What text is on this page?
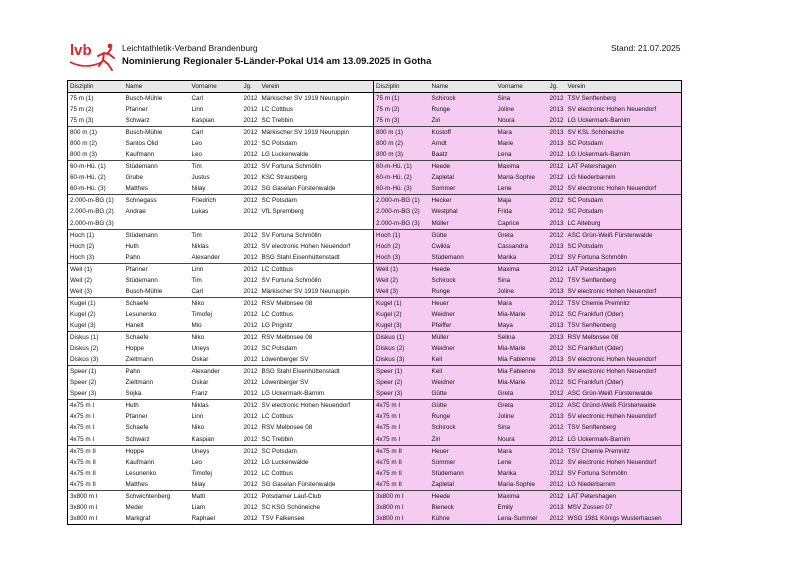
lvb	Leichtathletik-Verband Brandenburg
Nominierung Regionaler 5-Länder-Pokal U14 am 13.09.2025 in Gotha
Stand: 21.07.2025
Disziplin	Name	Vorname	Jg.	Verein	Disziplin	Name	Vorname	Jg.	Verein
75 m (1)	Busch-Mühle	Carl	2012	Märkischer SV 1919 Neuruppin	75 m (1)	Schirock	Sina	2012	TSV Senftenberg
75 m (2)	Pfanner	Linn	2012	LC Cottbus	75 m (2)	Runge	Joline	2013	SV electronic Hohen Neuendorf
75 m (3)	Schwarz	Kaspian	2012	SC Trebbin	75 m (3)	Ziri	Noura	2012	LG Uckermark-Barnim
800 m (1)	Busch-Mühle	Carl	2012	Märkischer SV 1919 Neuruppin	800 m (1)	Kostoff	Mara	2013	SV KSL Schöneiche
800 m (2)	Santos Olid	Leo	2012	SC Potsdam	800 m (2)	Arndt	Marie	2013	SC Potsdam
800 m (3)	Kaufmann	Leo	2012	LG Luckenwalde	800 m (3)	Baatz	Lena	2012	LG Uckermark-Barnim
60-m-Hü. (1)	Stüdemann	Tim	2012	SV Fortuna Schmölln	60-m-Hü. (1)	Heede	Maxima	2012	LAT Petershagen
60-m-Hü. (2)	Grube	Justus	2012	KSC Strausberg	60-m-Hü. (2)	Zapletal	Maria-Sophie	2012	LG Niederbarnim
60-m-Hü. (3)	Matthes	Nilay	2012	SG Gaselan Fürstenwalde	60-m-Hü. (3)	Sommer	Lene	2012	SV electronic Hohen Neuendorf
2.000-m-BG (1)	Schnegass	Friedrich	2012	SC Potsdam	2.000-m-BG (1)	Hecker	Maja	2012	SC Potsdam
2.000-m-BG (2)	Andrae	Lukas	2012	VfL Spremberg	2.000-m-BG (2)	Westphal	Frida	2012	SC Potsdam
2.000-m-BG (3)					2.000-m-BG (3)	Möller	Caprice	2013	LC Alteburg
Hoch (1)	Stüdemann	Tim	2012	SV Fortuna Schmölln	Hoch (1)	Gütte	Greta	2012	ASC Grün-Weiß Fürstenwalde
Hoch (2)	Huth	Niklas	2012	SV electronic Hohen Neuendorf	Hoch (2)	Cwikla	Cassandra	2013	SC Potsdam
Hoch (3)	Pahn	Alexander	2012	BSG Stahl Eisenhüttenstadt	Hoch (3)	Stüdemann	Marika	2012	SV Fortuna Schmölln
Weit (1)	Pfanner	Linn	2012	LC Cottbus	Weit (1)	Heede	Maxima	2012	LAT Petershagen
Weit (2)	Stüdemann	Tim	2012	SV Fortuna Schmölln	Weit (2)	Schirock	Sina	2012	TSV Senftenberg
Weit (3)	Busch-Mühle	Carl	2012	Märkischer SV 1919 Neuruppin	Weit (3)	Runge	Joline	2013	SV electronic Hohen Neuendorf
Kugel (1)	Schaefe	Niko	2012	RSV Melbnsee 08	Kugel (1)	Heuer	Mara	2012	TSV Chemie Premnitz
Kugel (2)	Lesunenko	Timofej	2012	LC Cottbus	Kugel (2)	Weidner	Mia-Marie	2012	SC Frankfurt (Oder)
Kugel (3)	Hanelt	Mio	2012	LG Prignitz	Kugel (3)	Pfeiffer	Maya	2013	TSV Senftenberg
Diskus (1)	Schaefe	Niko	2012	RSV Melbnsee 08	Diskus (1)	Müller	Selina	2013	RSV Melbnsee 08
Diskus (2)	Hoppe	Uneys	2012	SC Potsdam	Diskus (2)	Weidner	Mia-Marie	2012	SC Frankfurt (Oder)
Diskus (3)	Zieltmann	Oskar	2012	Löwenberger SV	Diskus (3)	Keil	Mia Fabienne	2013	SV electronic Hohen Neuendorf
Speer (1)	Pahn	Alexander	2012	BSG Stahl Eisenhüttenstadt	Speer (1)	Keil	Mia Fabienne	2013	SV electronic Hohen Neuendorf
Speer (2)	Zieltmann	Oskar	2012	Löwenberger SV	Speer (2)	Weidner	Mia-Marie	2012	SC Frankfurt (Oder)
Speer (3)	Sojka	Franz	2012	LG Uckermark-Barnim	Speer (3)	Gütte	Greta	2012	ASC Grün-Weiß Fürstenwalde
4x75 m I	Huth	Niklas	2012	SV electronic Hohen Neuendorf	4x75 m I	Gütte	Greta	2012	ASC Gründ-Weiß Fürstenwalde
4x75 m I	Pfanner	Linn	2012	LC Cottbus	4x75 m I	Runge	Joline	2013	SV electronic Hohen Neuendorf
4x75 m I	Schaefe	Niko	2012	RSV Melbnsee 08	4x75 m I	Schirock	Sina	2012	TSV Senftenberg
4x75 m I	Schwarz	Kaspian	2012	SC Trebbin	4x75 m I	Ziri	Noura	2012	LG Uckermark-Barnim
4x75 m II	Hoppe	Uneys	2012	SC Potsdam	4x75 m II	Heuer	Mara	2012	TSV Chemie Premnitz
4x75 m II	Kaufmann	Leo	2012	LG Luckenwalde	4x75 m II	Sommer	Lene	2012	SV electronic Hohen Neuendorf
4x75 m II	Lesunenko	Timofej	2012	LC Cottbus	4x75 m II	Stüdemann	Marika	2012	SV Fortuna Schmölln
4x75 m II	Matthes	Nilay	2012	SG Gaselan Fürstenwalde	4x75 m II	Zapletal	Maria-Sophie	2012	LG Niederbarnim
3x800 m I	Schwichtenberg	Matti	2012	Potsdamer Lauf-Club	3x800 m I	Heede	Maxima	2012	LAT Petershagen
3x800 m I	Meder	Liam	2012	SC KSG Schöneiche	3x800 m I	Bieneck	Emily	2013	MSV Zossen 07
3x800 m I	Markgraf	Raphael	2012	TSV Falkensee	3x800 m I	Kühne	Lena-Summer	2012	WSG 1981 Königs Wusterhausen
